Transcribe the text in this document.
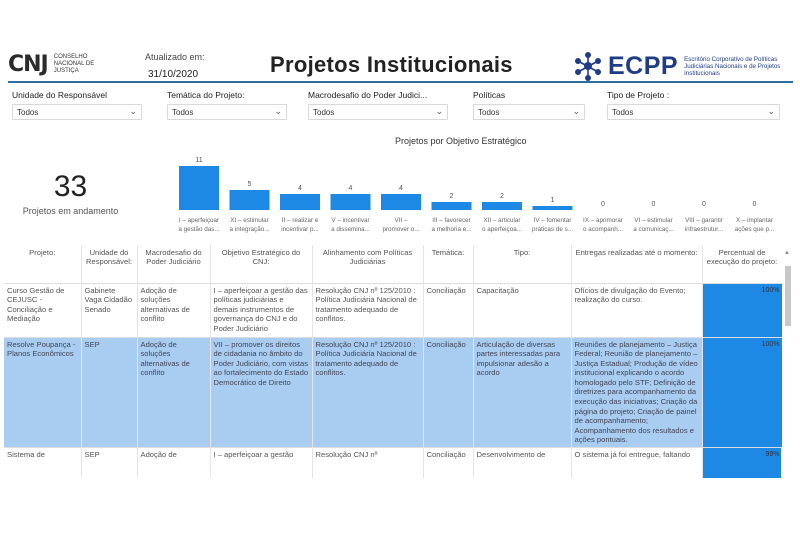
CNJ CONSELHO NACIONAL DE JUSTIÇA
Atualizado em:
31/10/2020	Projetos Institucionais	ECPP Escritório Corporativo de Políticas Judiciárias Nacionais e de Projetos Institucionais
Unidade do Responsável
Todos	⌄
Temática do Projeto:
Todos	⌄
Macrodesafio do Poder Judici...
Todos	⌄
Políticas
Todos	⌄
Tipo de Projeto :
Todos	⌄
33
Projetos em andamento
Projetos por Objetivo Estratégico
11
I – aperfeiçoar
a gestão das...
5
XI – estimular
a integração...
4
II – realizar e
incentivar p...
4
V – incentivar
a dissemina...
4
VII –
promover o...
2
III – favorecer
a melhoria e...
2
XII – articular
o aperfeiçoa...
1
IV – fomentar
práticas de s...
0
IX – aprimorar
o acompanh...
0
VI – estimular
a comunicaç...
0
VIII – garantir
infraestrutur...
0
X – implantar
ações que p...
Projeto:	Unidade do Responsável:	Macrodesafio do Poder Judiciário	Objetivo Estratégico do CNJ:	Alinhamento com Políticas Judiciárias	Temática:	Tipo:	Entregas realizadas até o momento:	Percentual de execução do projeto:
Curso Gestão de CEJUSC - Conciliação e Mediação	Gabinete Vaga Cidadão Senado	Adoção de soluções alternativas de conflito	I – aperfeiçoar a gestão das políticas judiciárias e demais instrumentos de governança do CNJ e do Poder Judiciário	Resolução CNJ nº 125/2010 : Política Judiciária Nacional de tratamento adequado de conflitos.	Conciliação	Capacitação	Ofícios de divulgação do Evento; realização do curso.	100%

Resolve Poupança - Planos Econômicos	SEP	Adoção de soluções alternativas de conflito	VII – promover os direitos de cidadania no âmbito do Poder Judiciário, com vistas ao fortalecimento do Estado Democrático de Direito	Resolução CNJ nº 125/2010 : Política Judiciária Nacional de tratamento adequado de conflitos.	Conciliação	Articulação de diversas partes interessadas para impulsionar adesão a acordo	Reuniões de planejamento – Justiça Federal; Reunião de planejamento – Justiça Estadual; Produção de vídeo institucional explicando o acordo homologado pelo STF; Definição de diretrizes para acompanhamento da execução das iniciativas; Criação da página do projeto; Criação de painel de acompanhamento; Acompanhamento dos resultados e ações pontuais.	100%

Sistema de	SEP	Adoção de	I – aperfeiçoar a gestão	Resolução CNJ nº	Conciliação	Desenvolvimento de	O sistema já foi entregue, faltando	99%
▲
